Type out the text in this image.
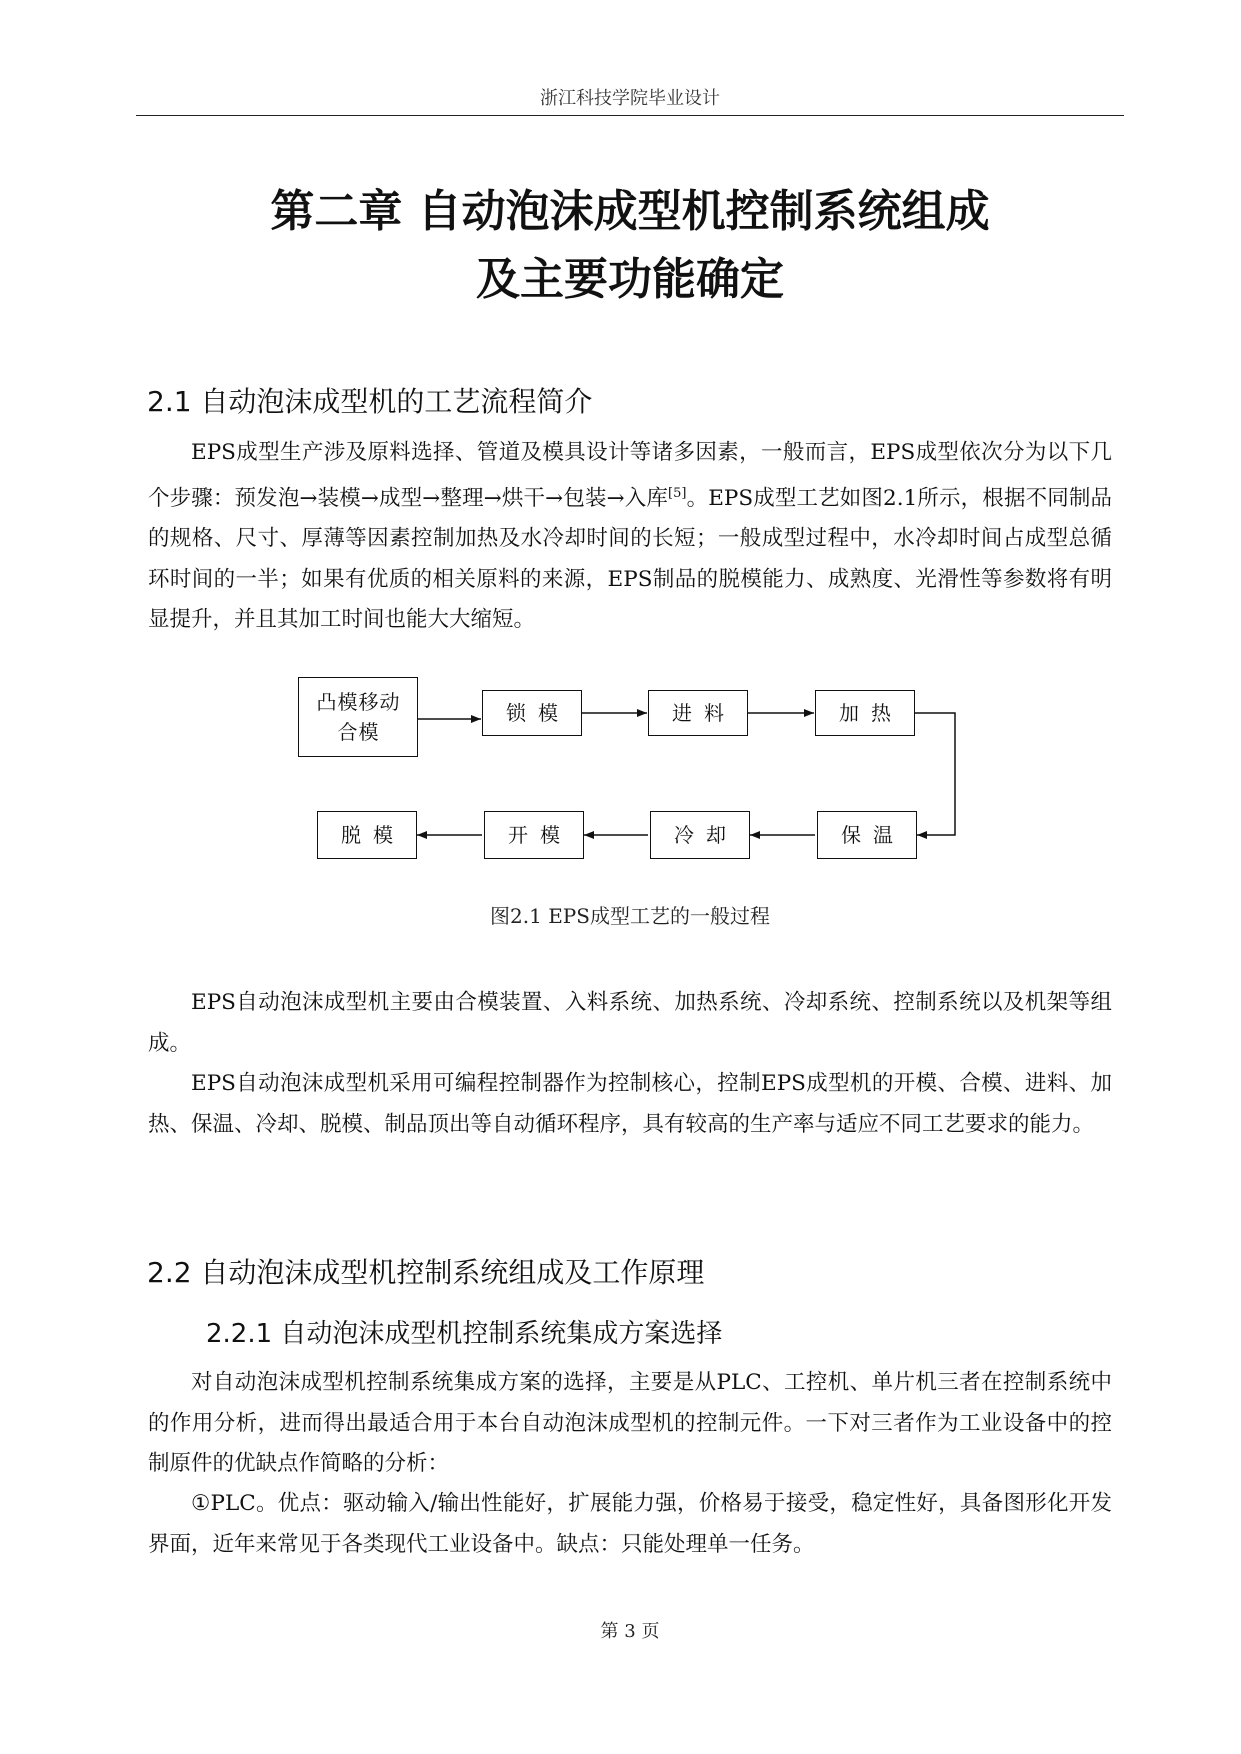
浙江科技学院毕业设计
第二章 自动泡沫成型机控制系统组成
及主要功能确定
2.1 自动泡沫成型机的工艺流程简介

EPS成型生产涉及原料选择、管道及模具设计等诸多因素，一般而言，EPS成型依次分为以下几个步骤：预发泡→装模→成型→整理→烘干→包装→入库[5]。EPS成型工艺如图2.1所示，根据不同制品的规格、尺寸、厚薄等因素控制加热及水冷却时间的长短；一般成型过程中，水冷却时间占成型总循环时间的一半；如果有优质的相关原料的来源，EPS制品的脱模能力、成熟度、光滑性等参数将有明显提升，并且其加工时间也能大大缩短。

凸模移动
合模
锁模	进料	加热
保温
冷却
开模
脱模
图2.1 EPS成型工艺的一般过程

EPS自动泡沫成型机主要由合模装置、入料系统、加热系统、冷却系统、控制系统以及机架等组成。

EPS自动泡沫成型机采用可编程控制器作为控制核心，控制EPS成型机的开模、合模、进料、加热、保温、冷却、脱模、制品顶出等自动循环程序，具有较高的生产率与适应不同工艺要求的能力。

2.2 自动泡沫成型机控制系统组成及工作原理
2.2.1 自动泡沫成型机控制系统集成方案选择

对自动泡沫成型机控制系统集成方案的选择，主要是从PLC、工控机、单片机三者在控制系统中的作用分析，进而得出最适合用于本台自动泡沫成型机的控制元件。一下对三者作为工业设备中的控制原件的优缺点作简略的分析：

①PLC。优点：驱动输入/输出性能好，扩展能力强，价格易于接受，稳定性好，具备图形化开发界面，近年来常见于各类现代工业设备中。缺点：只能处理单一任务。

第 3 页
